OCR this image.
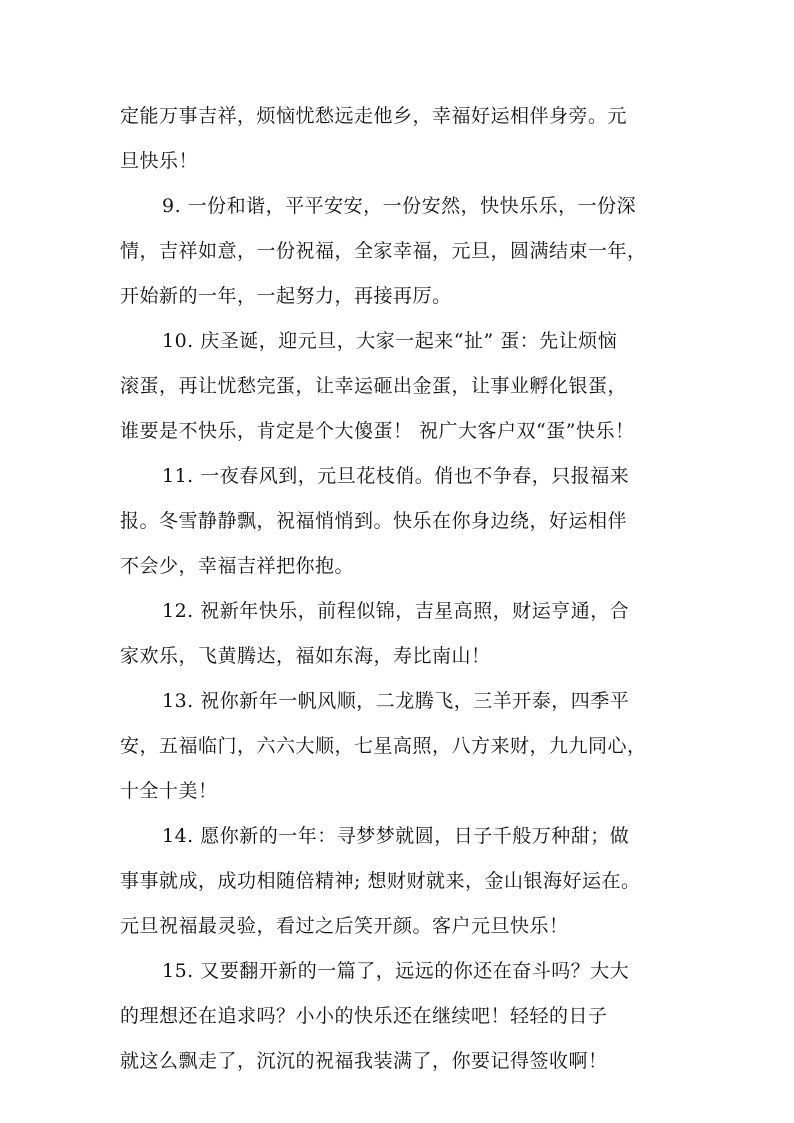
定能万事吉祥，烦恼忧愁远走他乡，幸福好运相伴身旁。元
旦快乐！
9. 一份和谐，平平安安，一份安然，快快乐乐，一份深
情，吉祥如意，一份祝福，全家幸福，元旦，圆满结束一年，
开始新的一年，一起努力，再接再厉。
10. 庆圣诞，迎元旦，大家一起来“扯” 蛋：先让烦恼
滚蛋，再让忧愁完蛋，让幸运砸出金蛋，让事业孵化银蛋，
谁要是不快乐，肯定是个大傻蛋！ 祝广大客户双“蛋”快乐！
11. 一夜春风到，元旦花枝俏。俏也不争春，只报福来
报。冬雪静静飘，祝福悄悄到。快乐在你身边绕，好运相伴
不会少，幸福吉祥把你抱。
12. 祝新年快乐，前程似锦，吉星高照，财运亨通，合
家欢乐，飞黄腾达，福如东海，寿比南山！
13. 祝你新年一帆风顺，二龙腾飞，三羊开泰，四季平
安，五福临门，六六大顺，七星高照，八方来财，九九同心，
十全十美！
14. 愿你新的一年：寻梦梦就圆，日子千般万种甜；做
事事就成，成功相随倍精神; 想财财就来，金山银海好运在。
元旦祝福最灵验，看过之后笑开颜。客户元旦快乐！
15. 又要翻开新的一篇了，远远的你还在奋斗吗？大大
的理想还在追求吗？小小的快乐还在继续吧！轻轻的日子
就这么飘走了，沉沉的祝福我装满了，你要记得签收啊！
